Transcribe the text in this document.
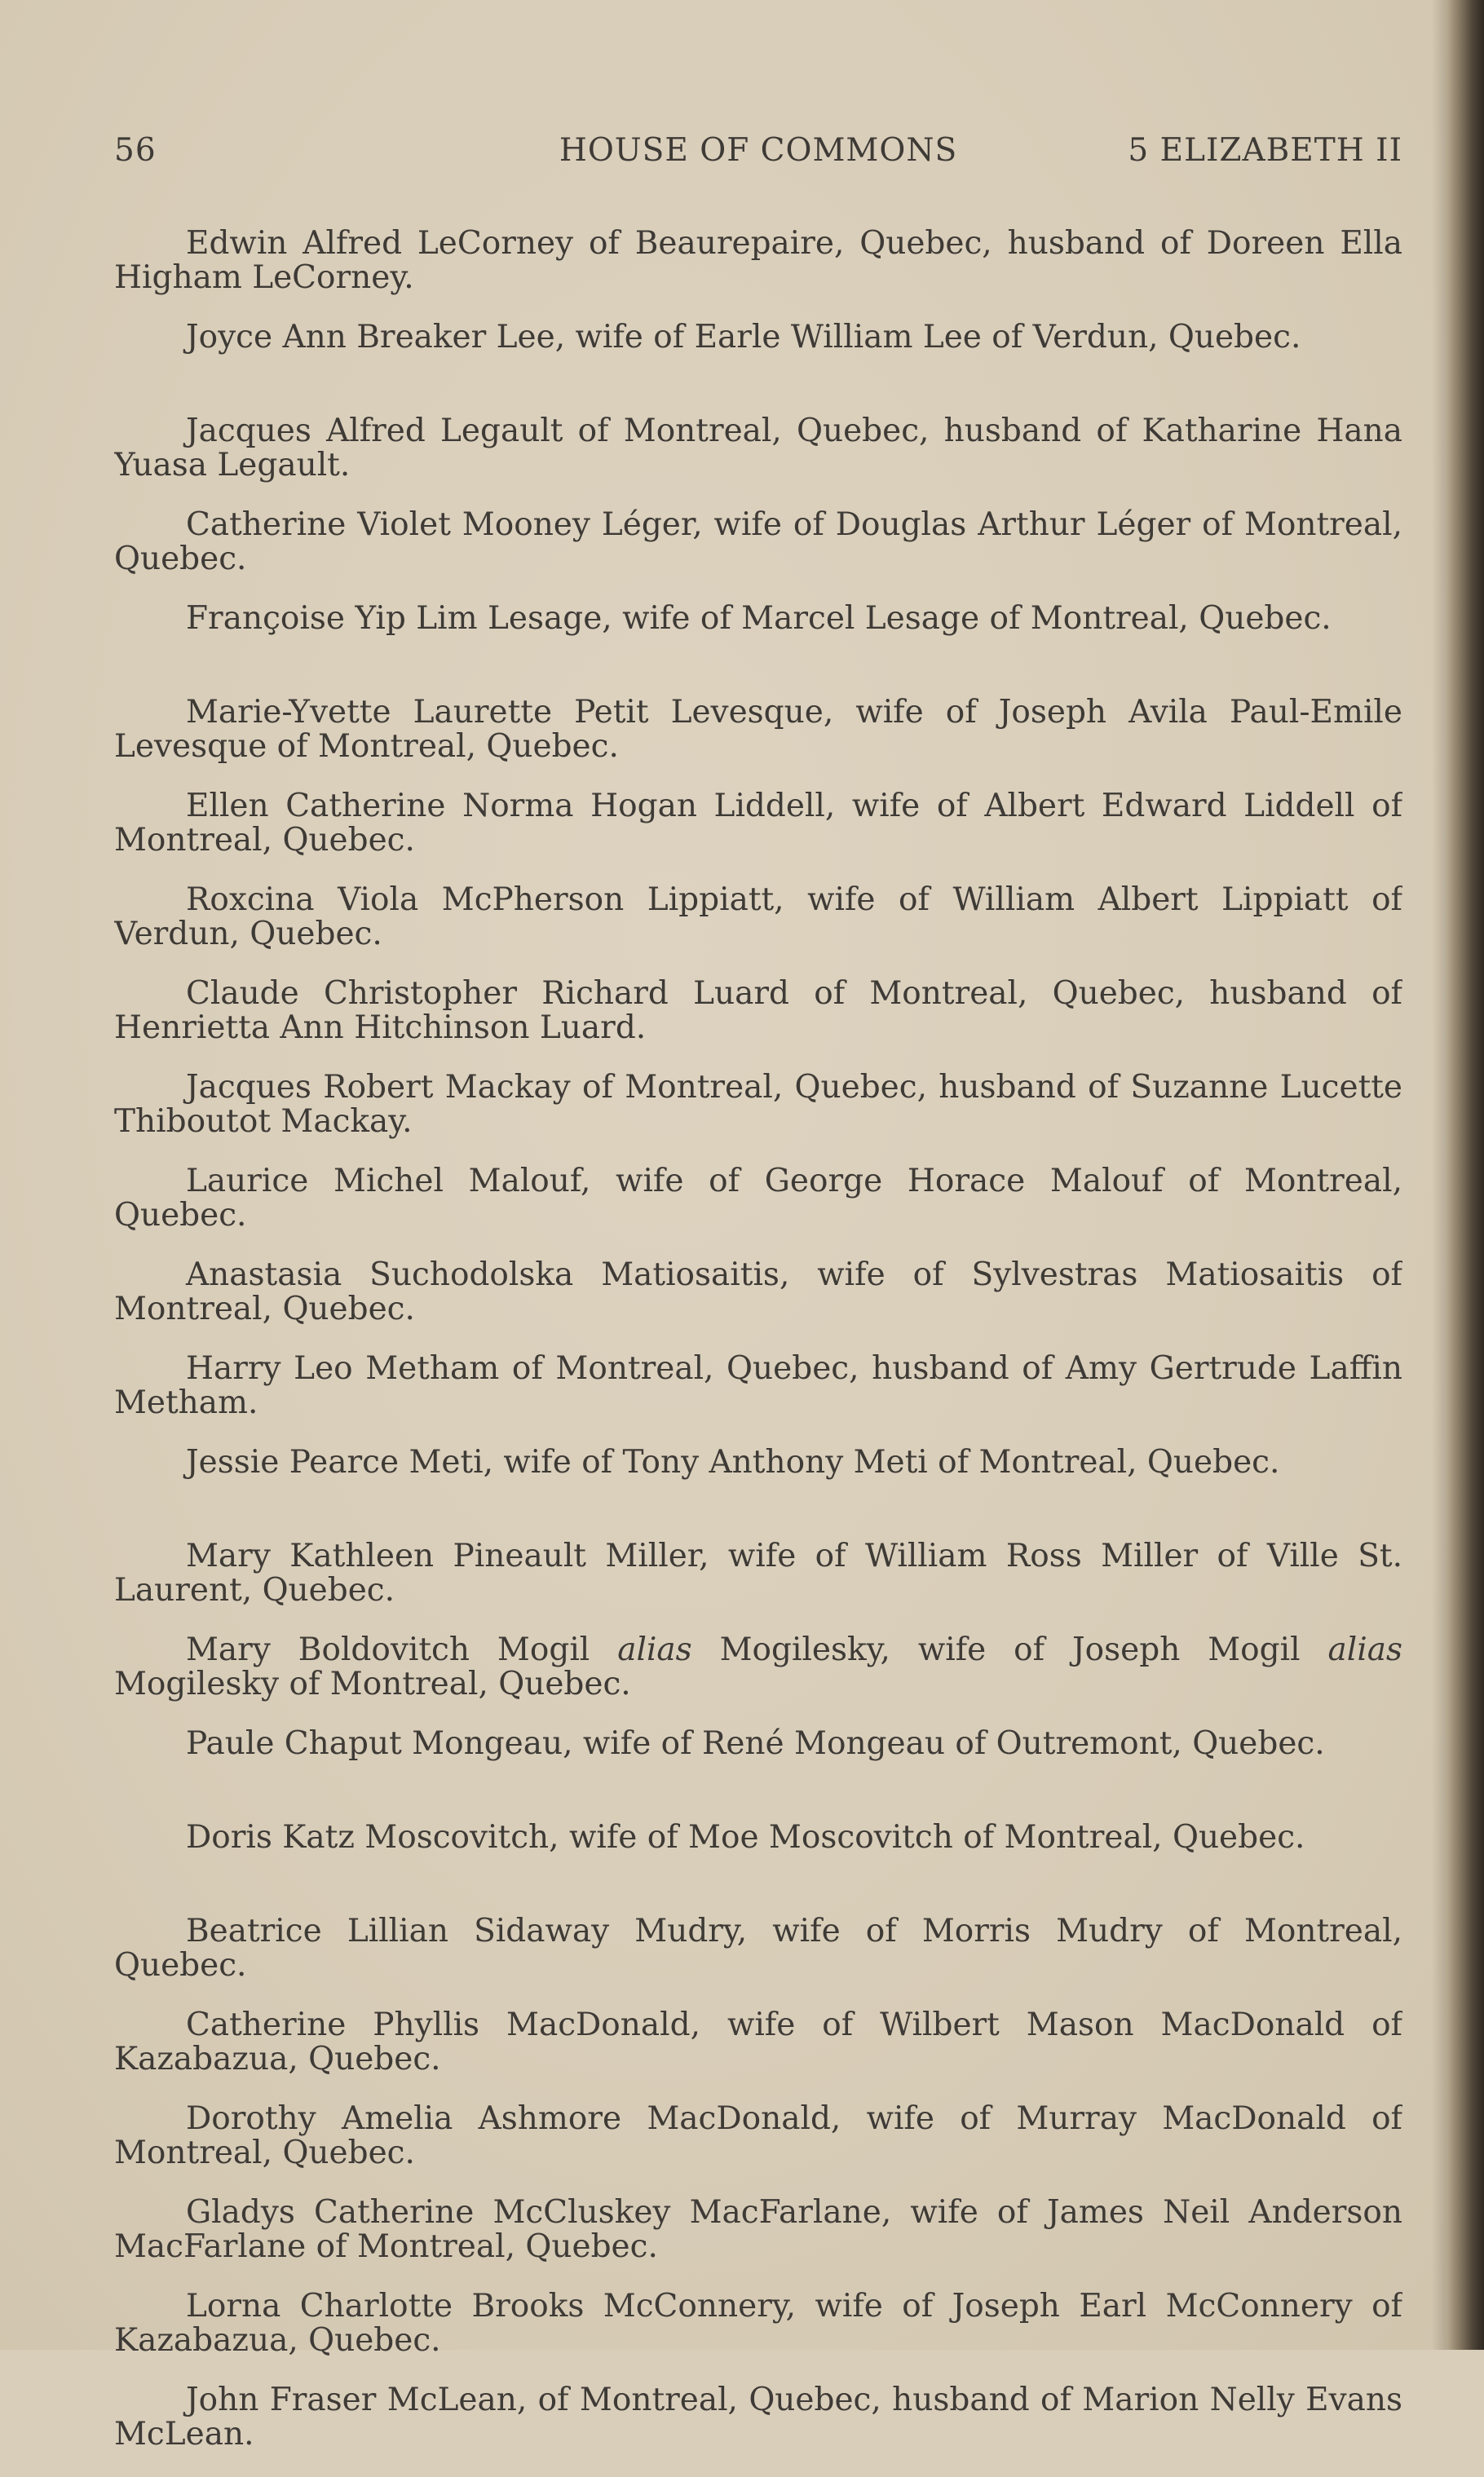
56	HOUSE OF COMMONS	5 ELIZABETH II

Edwin Alfred LeCorney of Beaurepaire, Quebec, husband of Doreen Ella Higham LeCorney.

Joyce Ann Breaker Lee, wife of Earle William Lee of Verdun, Quebec.

Jacques Alfred Legault of Montreal, Quebec, husband of Katharine Hana Yuasa Legault.

Catherine Violet Mooney Léger, wife of Douglas Arthur Léger of Montreal, Quebec.

Françoise Yip Lim Lesage, wife of Marcel Lesage of Montreal, Quebec.

Marie-Yvette Laurette Petit Levesque, wife of Joseph Avila Paul-Emile Levesque of Montreal, Quebec.

Ellen Catherine Norma Hogan Liddell, wife of Albert Edward Liddell of Montreal, Quebec.

Roxcina Viola McPherson Lippiatt, wife of William Albert Lippiatt of Verdun, Quebec.

Claude Christopher Richard Luard of Montreal, Quebec, husband of Henrietta Ann Hitchinson Luard.

Jacques Robert Mackay of Montreal, Quebec, husband of Suzanne Lucette Thiboutot Mackay.

Laurice Michel Malouf, wife of George Horace Malouf of Montreal, Quebec.

Anastasia Suchodolska Matiosaitis, wife of Sylvestras Matiosaitis of Montreal, Quebec.

Harry Leo Metham of Montreal, Quebec, husband of Amy Gertrude Laffin Metham.

Jessie Pearce Meti, wife of Tony Anthony Meti of Montreal, Quebec.

Mary Kathleen Pineault Miller, wife of William Ross Miller of Ville St. Laurent, Quebec.

Mary Boldovitch Mogil alias Mogilesky, wife of Joseph Mogil alias Mogilesky of Montreal, Quebec.

Paule Chaput Mongeau, wife of René Mongeau of Outremont, Quebec.

Doris Katz Moscovitch, wife of Moe Moscovitch of Montreal, Quebec.

Beatrice Lillian Sidaway Mudry, wife of Morris Mudry of Montreal, Quebec.

Catherine Phyllis MacDonald, wife of Wilbert Mason MacDonald of Kazabazua, Quebec.

Dorothy Amelia Ashmore MacDonald, wife of Murray MacDonald of Montreal, Quebec.

Gladys Catherine McCluskey MacFarlane, wife of James Neil Anderson MacFarlane of Montreal, Quebec.

Lorna Charlotte Brooks McConnery, wife of Joseph Earl McConnery of Kazabazua, Quebec.

John Fraser McLean, of Montreal, Quebec, husband of Marion Nelly Evans McLean.
